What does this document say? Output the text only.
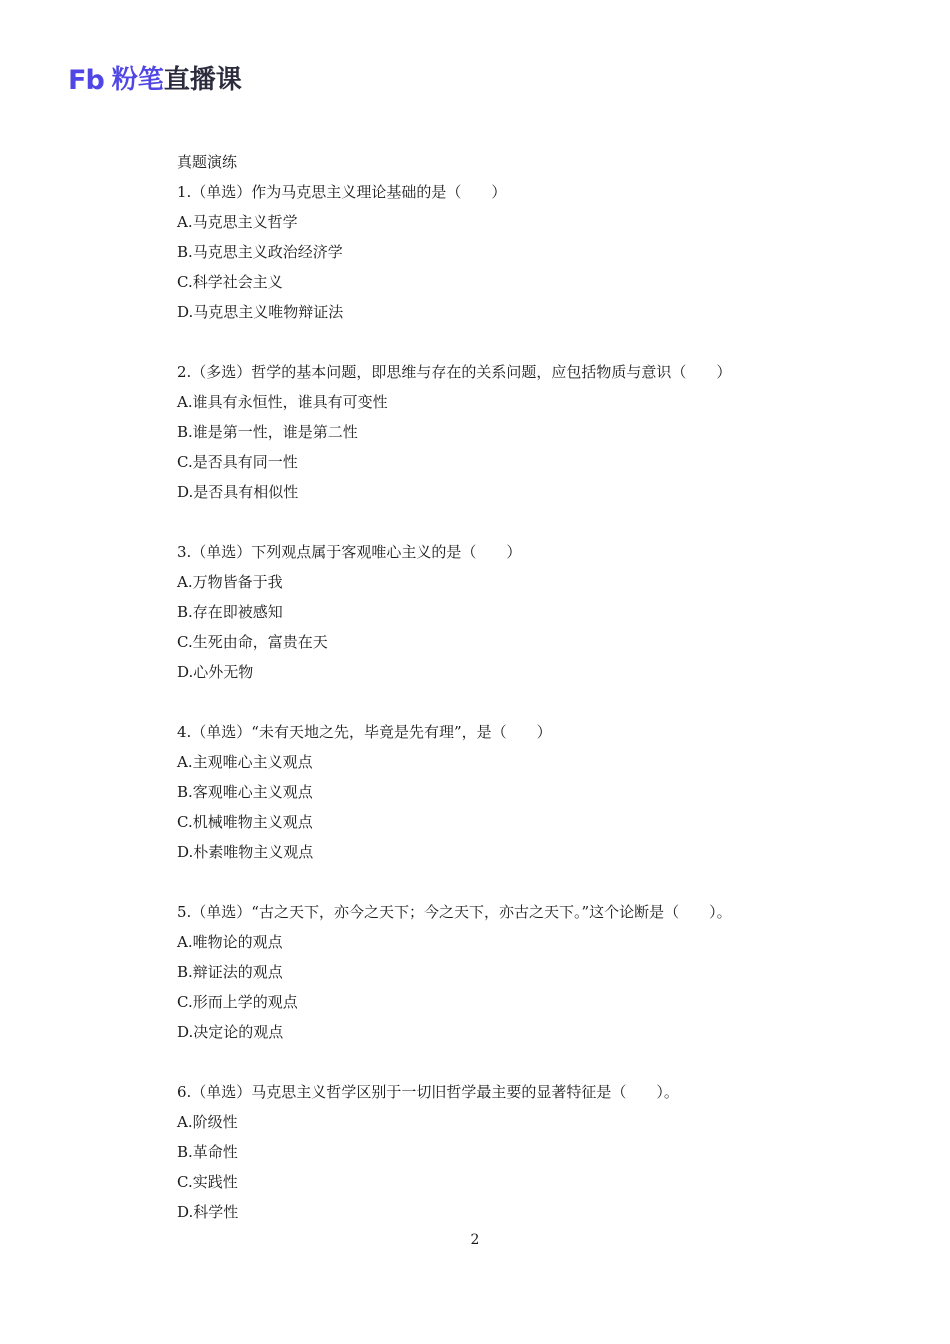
Fb 粉笔 直播课
真题演练
1.（单选）作为马克思主义理论基础的是（　　）
A.马克思主义哲学
B.马克思主义政治经济学
C.科学社会主义
D.马克思主义唯物辩证法
2.（多选）哲学的基本问题，即思维与存在的关系问题，应包括物质与意识（　　）
A.谁具有永恒性，谁具有可变性
B.谁是第一性，谁是第二性
C.是否具有同一性
D.是否具有相似性
3.（单选）下列观点属于客观唯心主义的是（　　）
A.万物皆备于我
B.存在即被感知
C.生死由命，富贵在天
D.心外无物
4.（单选）“未有天地之先，毕竟是先有理”，是（　　）
A.主观唯心主义观点
B.客观唯心主义观点
C.机械唯物主义观点
D.朴素唯物主义观点
5.（单选）“古之天下，亦今之天下；今之天下，亦古之天下。”这个论断是（　　）。
A.唯物论的观点
B.辩证法的观点
C.形而上学的观点
D.决定论的观点
6.（单选）马克思主义哲学区别于一切旧哲学最主要的显著特征是（　　）。
A.阶级性
B.革命性
C.实践性
D.科学性
2
